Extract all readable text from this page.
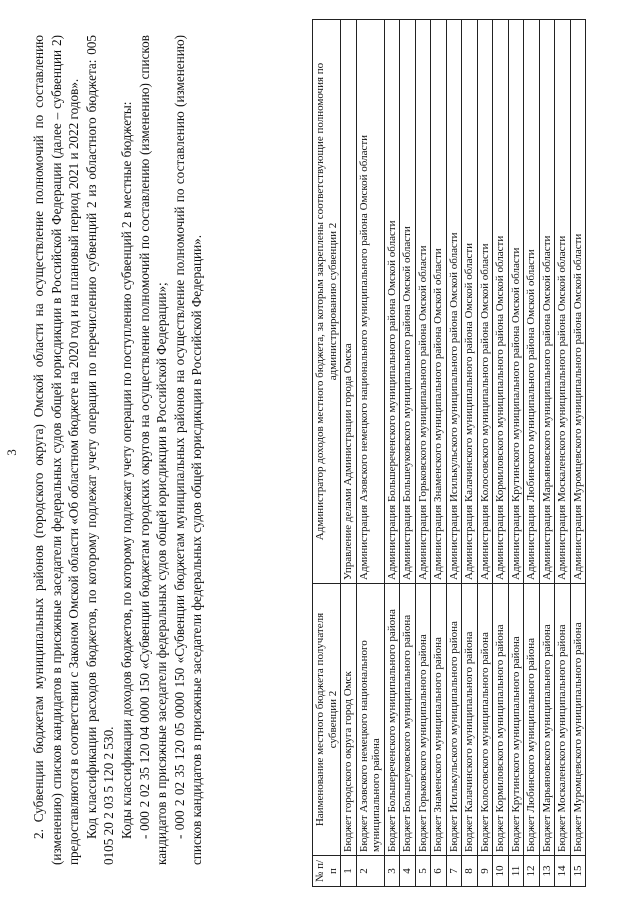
3 2. Субвенции бюджетам муниципальных районов (городского округа) Омской области на осуществление полномочий по составлению (изменению) списков кандидатов в присяжные заседатели федеральных судов общей юрисдикции в Российской Федерации (далее – субвенции 2) предоставляются в соответствии с Законом Омской области «Об областном бюджете на 2020 год и на плановый период 2021 и 2022 годов». Код классификации расходов бюджетов, по которому подлежат учету операции по перечислению субвенций 2 из областного бюджета: 005 0105 20 2 03 5 120 2 530. Коды классификации доходов бюджетов, по которому подлежат учету операции по поступлению субвенций 2 в местные бюджеты: - 000 2 02 35 120 04 0000 150 «Субвенции бюджетам городских округов на осуществление полномочий по составлению (изменению) списков кандидатов в присяжные заседатели федеральных судов общей юрисдикции в Российской Федерации»; - 000 2 02 35 120 05 0000 150 «Субвенции бюджетам муниципальных районов на осуществление полномочий по составлению (изменению) списков кандидатов в присяжные заседатели федеральных судов общей юрисдикции в Российской Федерации».

№ п/п	Наименование местного бюджета получателя субвенции 2	Администратор доходов местного бюджета, за которым закреплены соответствующие полномочия по администрированию субвенции 2
1	Бюджет городского округа город Омск	Управление делами Администрации города Омска
2	Бюджет Азовского немецкого национального муниципального района	Администрация Азовского немецкого национального муниципального района Омской области
3	Бюджет Большереченского муниципального района	Администрация Большереченского муниципального района Омской области
4	Бюджет Большеуковского муниципального района	Администрация Большеуковского муниципального района Омской области
5	Бюджет Горьковского муниципального района	Администрация Горьковского муниципального района Омской области
6	Бюджет Знаменского муниципального района	Администрация Знаменского муниципального района Омской области
7	Бюджет Исилькульского муниципального района	Администрация Исилькульского муниципального района Омской области
8	Бюджет Калачинского муниципального района	Администрация Калачинского муниципального района Омской области
9	Бюджет Колосовского муниципального района	Администрация Колосовского муниципального района Омской области
10	Бюджет Кормиловского муниципального района	Администрация Кормиловского муниципального района Омской области
11	Бюджет Крутинского муниципального района	Администрация Крутинского муниципального района Омской области
12	Бюджет Любинского муниципального района	Администрация Любинского муниципального района Омской области
13	Бюджет Марьяновского муниципального района	Администрация Марьяновского муниципального района Омской области
14	Бюджет Москаленского муниципального района	Администрация Москаленского муниципального района Омской области
15	Бюджет Муромцевского муниципального района	Администрация Муромцевского муниципального района Омской области
